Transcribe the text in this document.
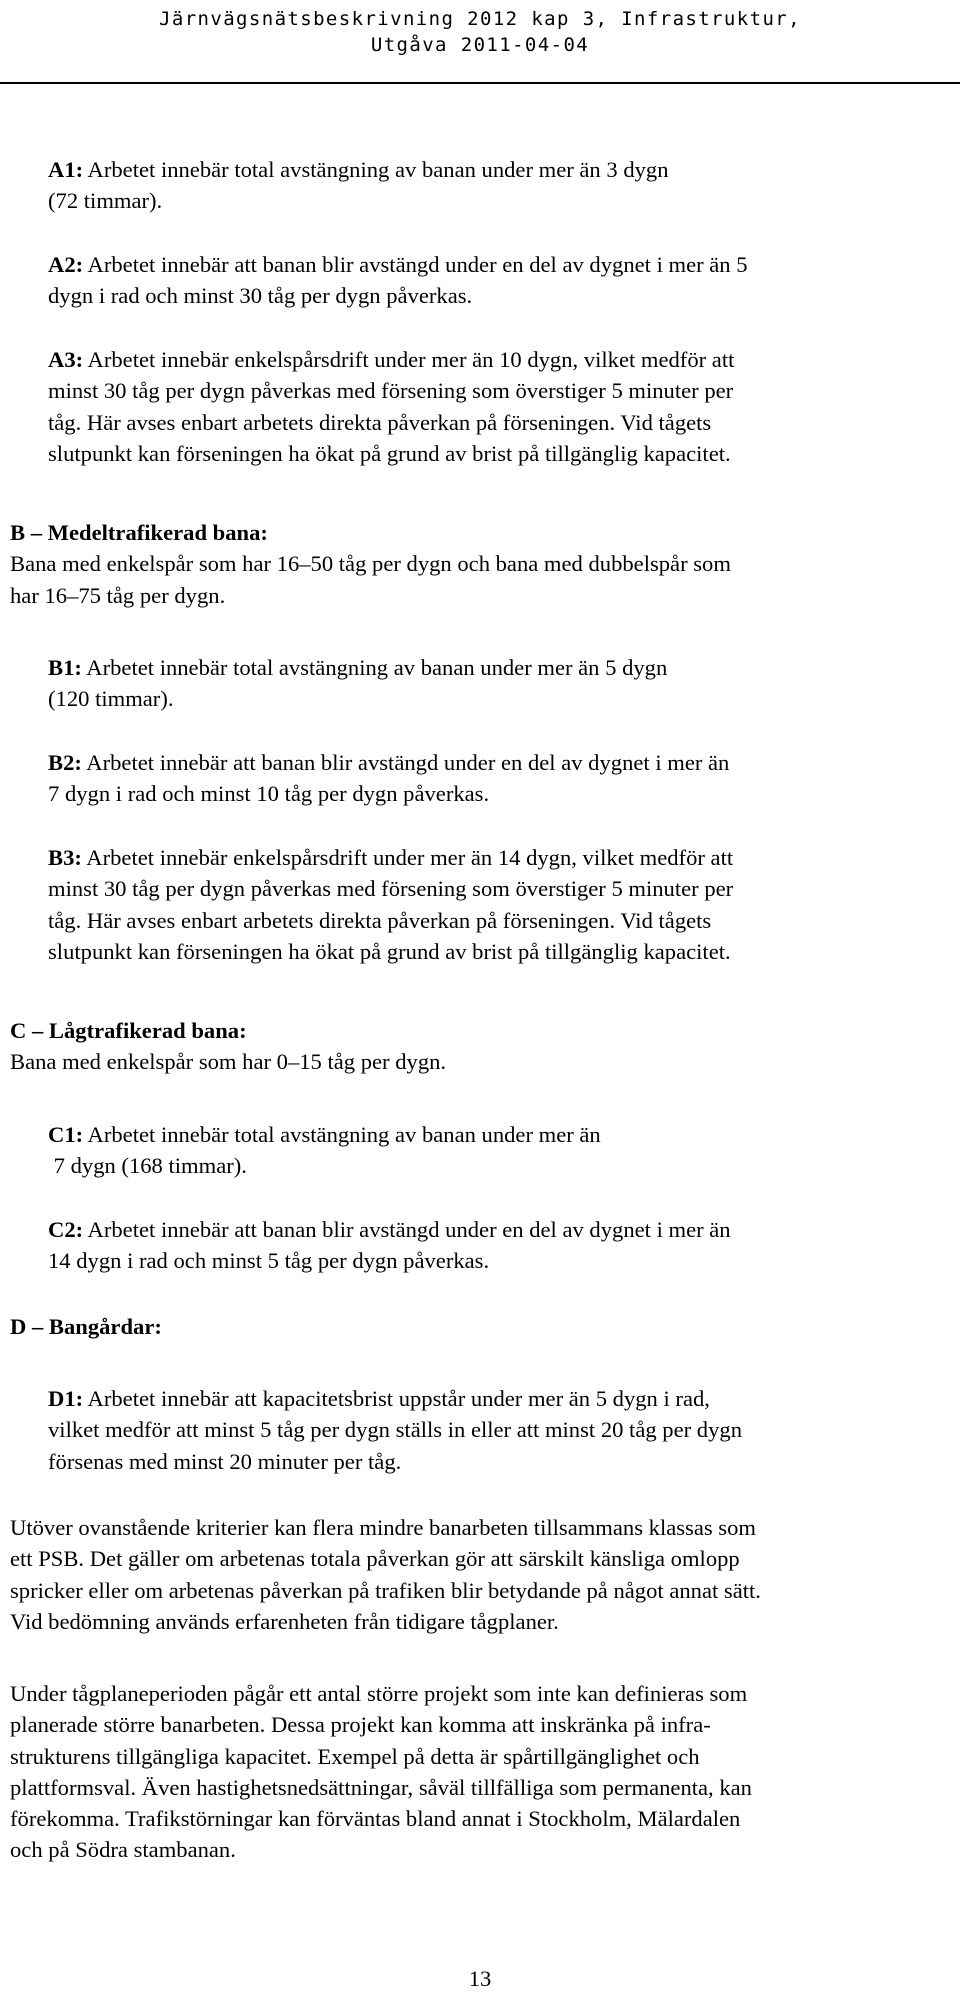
Järnvägsnätsbeskrivning 2012 kap 3, Infrastruktur,
Utgåva 2011-04-04
A1: Arbetet innebär total avstängning av banan under mer än 3 dygn
(72 timmar).
A2: Arbetet innebär att banan blir avstängd under en del av dygnet i mer än 5
dygn i rad och minst 30 tåg per dygn påverkas.
A3: Arbetet innebär enkelspårsdrift under mer än 10 dygn, vilket medför att
minst 30 tåg per dygn påverkas med försening som överstiger 5 minuter per
tåg. Här avses enbart arbetets direkta påverkan på förseningen. Vid tågets
slutpunkt kan förseningen ha ökat på grund av brist på tillgänglig kapacitet.
B – Medeltrafikerad bana:
Bana med enkelspår som har 16–50 tåg per dygn och bana med dubbelspår som
har 16–75 tåg per dygn.
B1: Arbetet innebär total avstängning av banan under mer än 5 dygn
(120 timmar).
B2: Arbetet innebär att banan blir avstängd under en del av dygnet i mer än
7 dygn i rad och minst 10 tåg per dygn påverkas.
B3: Arbetet innebär enkelspårsdrift under mer än 14 dygn, vilket medför att
minst 30 tåg per dygn påverkas med försening som överstiger 5 minuter per
tåg. Här avses enbart arbetets direkta påverkan på förseningen. Vid tågets
slutpunkt kan förseningen ha ökat på grund av brist på tillgänglig kapacitet.
C – Lågtrafikerad bana:
Bana med enkelspår som har 0–15 tåg per dygn.
C1: Arbetet innebär total avstängning av banan under mer än
7 dygn (168 timmar).
C2: Arbetet innebär att banan blir avstängd under en del av dygnet i mer än
14 dygn i rad och minst 5 tåg per dygn påverkas.
D – Bangårdar:
D1: Arbetet innebär att kapacitetsbrist uppstår under mer än 5 dygn i rad,
vilket medför att minst 5 tåg per dygn ställs in eller att minst 20 tåg per dygn
försenas med minst 20 minuter per tåg.
Utöver ovanstående kriterier kan flera mindre banarbeten tillsammans klassas som
ett PSB. Det gäller om arbetenas totala påverkan gör att särskilt känsliga omlopp
spricker eller om arbetenas påverkan på trafiken blir betydande på något annat sätt.
Vid bedömning används erfarenheten från tidigare tågplaner.
Under tågplaneperioden pågår ett antal större projekt som inte kan definieras som
planerade större banarbeten. Dessa projekt kan komma att inskränka på infra-
strukturens tillgängliga kapacitet. Exempel på detta är spårtillgänglighet och
plattformsval. Även hastighetsnedsättningar, såväl tillfälliga som permanenta, kan
förekomma. Trafikstörningar kan förväntas bland annat i Stockholm, Mälardalen
och på Södra stambanan.
13
